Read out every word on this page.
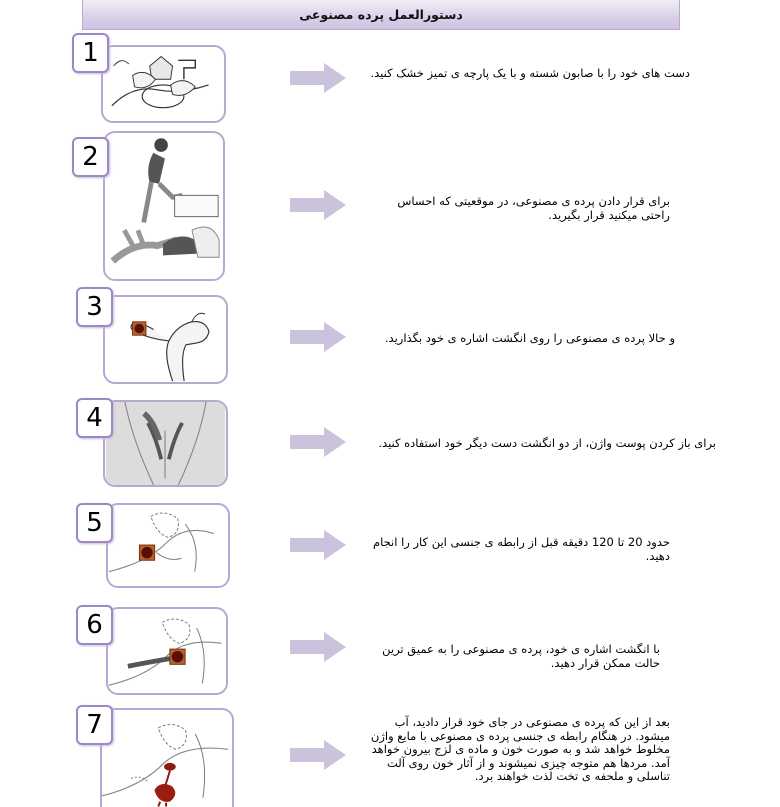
دستورالعمل پرده مصنوعی
1
دست های خود را با صابون شسته و با یک پارچه ی تمیز خشک کنید.
2
برای قرار دادن پرده ی مصنوعی، در موقعیتی که احساس راحتی میکنید قرار بگیرید.
3
و حالا پرده ی مصنوعی را روی انگشت اشاره ی خود بگذارید.
4
برای باز کردن پوست واژن، از دو انگشت دست دیگر خود استفاده کنید.
5
حدود 20 تا 120 دقیقه قبل از رابطه ی جنسی این کار را انجام دهید.
6
با انگشت اشاره ی خود، پرده ی مصنوعی را به عمیق ترین حالت ممکن قرار دهید.
7	بعد از این که پرده ی مصنوعی در جای خود قرار دادید، آب میشود. در هنگام رابطه ی جنسی پرده ی مصنوعی با مایع واژن مخلوط خواهد شد و به صورت خون و ماده ی لزج بیرون خواهد آمد. مردها هم متوجه چیزی نمیشوند و از آثار خون روی آلت تناسلی و ملحفه ی تخت لذت خواهند برد.
